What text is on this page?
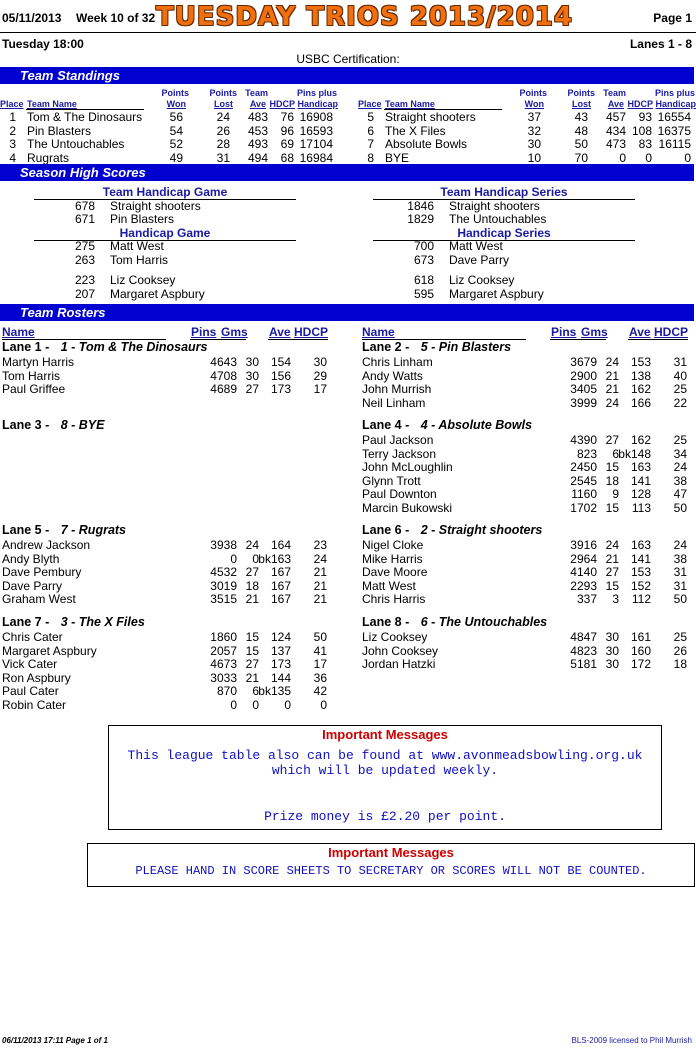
05/11/2013 Week 10 of 32 TUESDAY TRIOS 2013/2014	Page 1
Tuesday 18:00	Lanes 1 - 8
USBC Certification:
Team Standings
Points
Won
Points
Lost
Team
Ave HDCP
Pins plus
Handicap
Place Team Name
Points
Won
Points
Lost
Team
Ave HDCP
Pins plus
Handicap
Place Team Name
1 Tom & The Dinosaurs	56	24	483	76 16908
2 Pin Blasters	54	26	453	96 16593
3 The Untouchables	52	28	493	69 17104
4 Rugrats	49	31	494	68 16984
5 Straight shooters	37	43	457	93 16554
6 The X Files	32	48	434 108 16375
7 Absolute Bowls	30	50	473	83 16115
8 BYE	10	70	0	0	0
Season High Scores
Team Handicap Game
678 Straight shooters
671 Pin Blasters
Team Handicap Series
1846 Straight shooters
1829 The Untouchables
Handicap Game
275 Matt West
263 Tom Harris
223 Liz Cooksey
207 Margaret Aspbury
Handicap Series
700 Matt West
673 Dave Parry
618 Liz Cooksey
595 Margaret Aspbury
Team Rosters
Name	Pins Gms Ave HDCP	Name	Pins Gms Ave HDCP
Lane 1 - 1 - Tom & The Dinosaurs
Martyn Harris	4643 30 154	30
Tom Harris	4708 30 156	29
Paul Griffee	4689 27 173	17
Lane 2 - 5 - Pin Blasters
Chris Linham	3679 24 153	31
Andy Watts	2900 21 138	40
John Murrish	3405 21 162	25
Neil Linham	3999 24 166	22
Lane 3 - 8 - BYE	Lane 4 - 4 - Absolute Bowls
Paul Jackson	4390 27 162	25
Terry Jackson	823	6 bk148	34
John McLoughlin	2450 15 163	24
Glynn Trott	2545 18 141	38
Paul Downton	1160	9 128	47
Marcin Bukowski	1702 15	113	50
Lane 5 - 7 - Rugrats
Andrew Jackson	3938 24 164	23
Andy Blyth	0	0 bk163	24
Dave Pembury	4532 27 167	21
Dave Parry	3019 18 167	21
Graham West	3515 21 167	21
Lane 6 - 2 - Straight shooters
Nigel Cloke	3916 24 163	24
Mike Harris	2964 21 141	38
Dave Moore	4140 27 153	31
Matt West	2293 15 152	31
Chris Harris	337	3	112	50
Lane 7 - 3 - The X Files
Chris Cater	1860 15 124	50
Margaret Aspbury	2057 15 137	41
Vick Cater	4673 27 173	17
Ron Aspbury	3033 21 144	36
Paul Cater	870	6 bk135	42
Robin Cater	0	0	0	0
Lane 8 - 6 - The Untouchables
Liz Cooksey	4847 30 161	25
John Cooksey	4823 30 160	26
Jordan Hatzki	5181 30 172	18
Important Messages
This league table also can be found at www.avonmeadsbowling.org.uk
which will be updated weekly.
Prize money is £2.20 per point.
Important Messages
PLEASE HAND IN SCORE SHEETS TO SECRETARY OR SCORES WILL NOT BE COUNTED.
06/11/2013 17:11 Page 1 of 1	BLS-2009 licensed to Phil Murrish
